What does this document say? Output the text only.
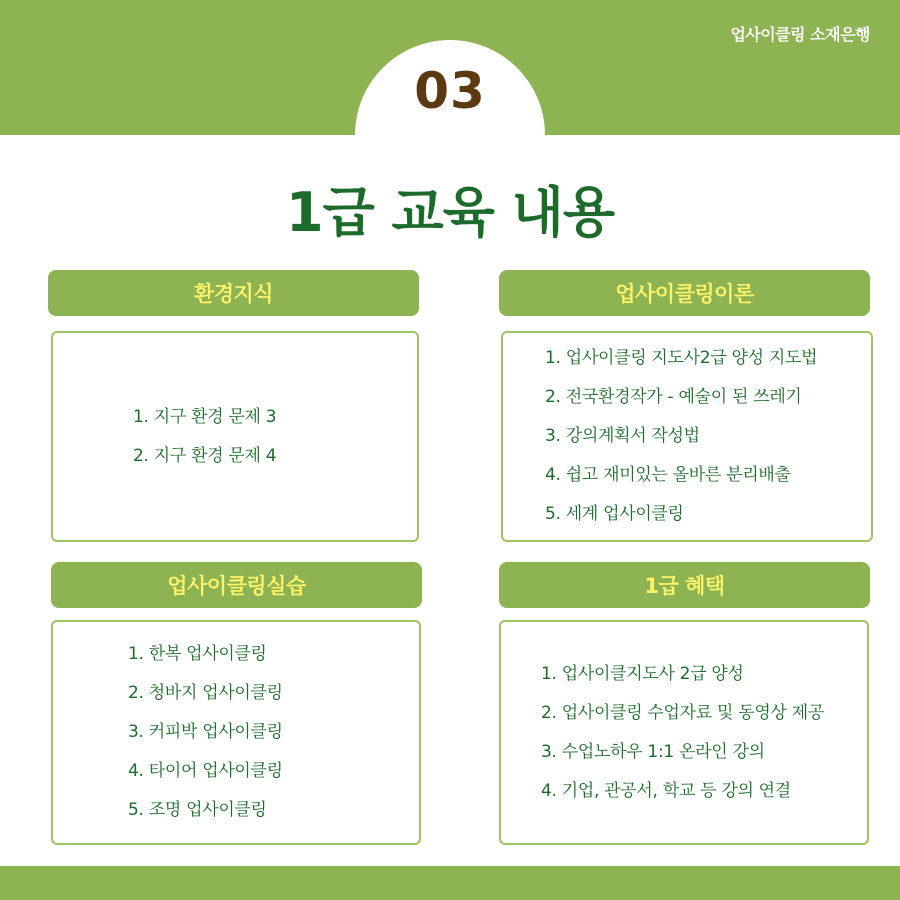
업사이클링 소재은행
03
1급 교육 내용
환경지식
1. 지구 환경 문제 3
2. 지구 환경 문제 4
업사이클링이론
1. 업사이클링 지도사2급 양성 지도법
2. 전국환경작가 - 예술이 된 쓰레기
3. 강의계획서 작성법
4. 쉽고 재미있는 올바른 분리배출
5. 세계 업사이클링
업사이클링실습
1. 한복 업사이클링
2. 청바지 업사이클링
3. 커피박 업사이클링
4. 타이어 업사이클링
5. 조명 업사이클링
1급 혜택
1. 업사이클지도사 2급 양성
2. 업사이클링 수업자료 및 동영상 제공
3. 수업노하우 1:1 온라인 강의
4. 기업, 관공서, 학교 등 강의 연결
